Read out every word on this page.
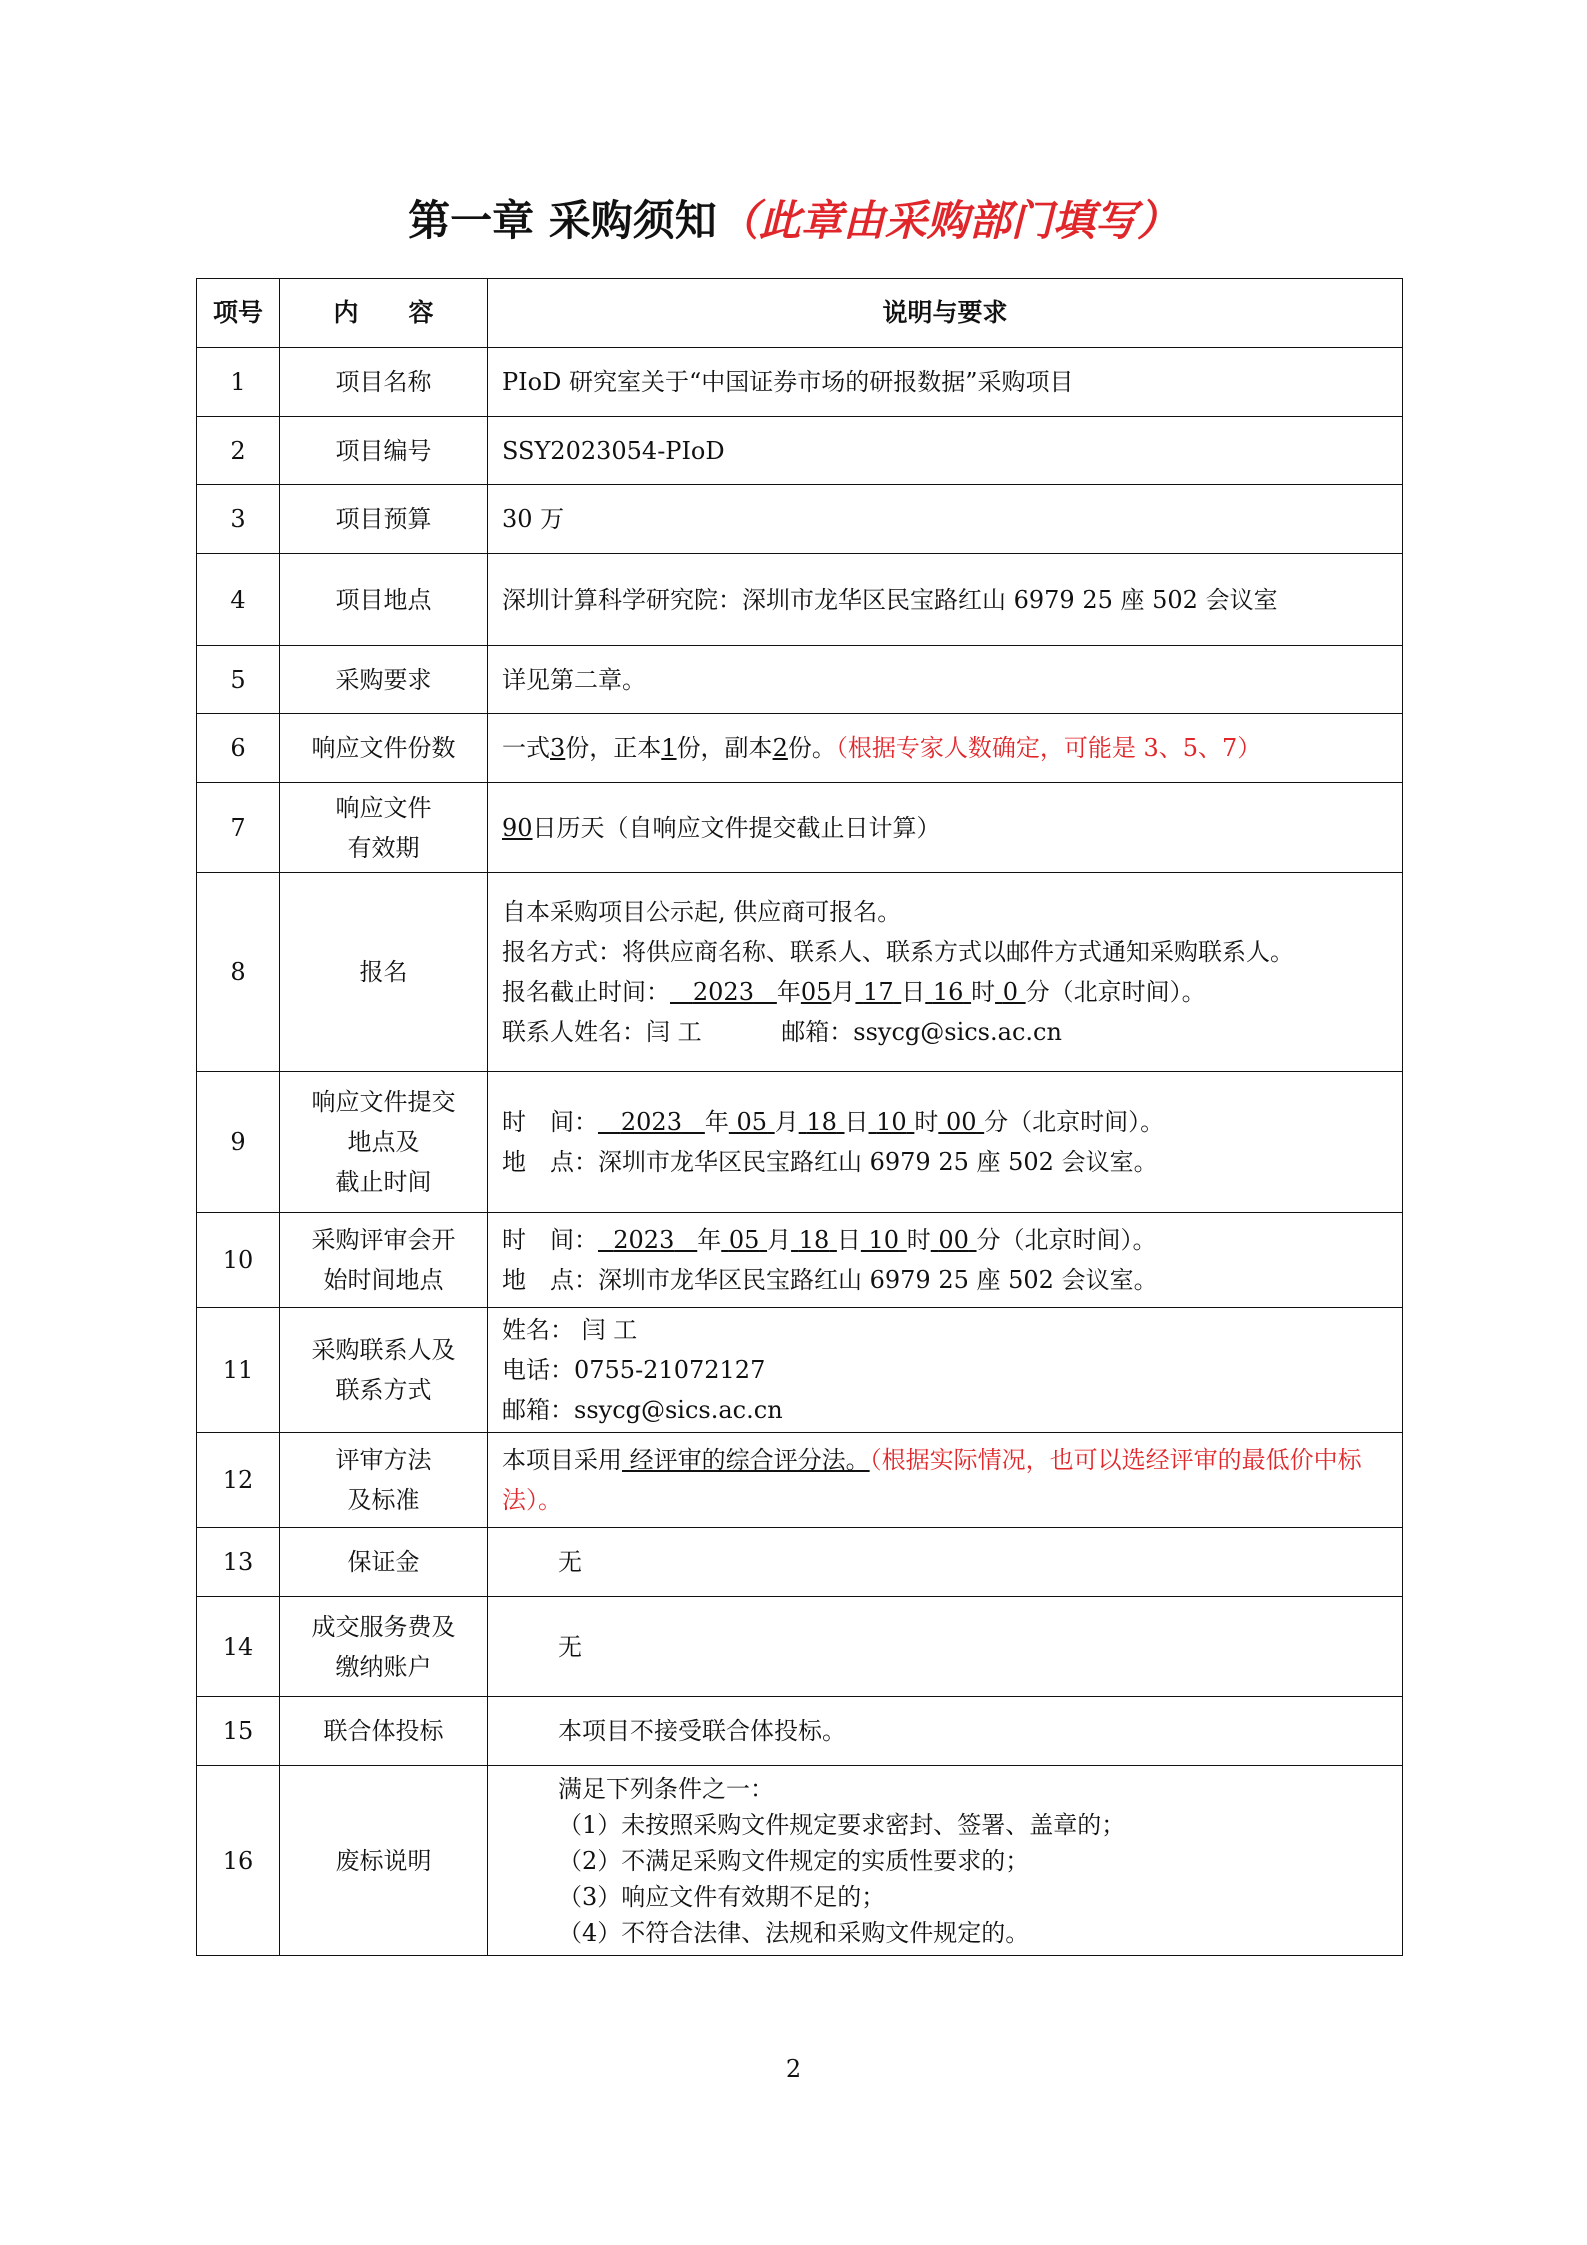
第一章 采购须知（此章由采购部门填写）
项号	内　　容	说明与要求
1	项目名称	PIoD 研究室关于“中国证券市场的研报数据”采购项目
2	项目编号	SSY2023054-PIoD
3	项目预算	30 万
4	项目地点	深圳计算科学研究院：深圳市龙华区民宝路红山 6979 25 座 502 会议室
5	采购要求	详见第二章。
6	响应文件份数	一式3份，正本1份，副本2份。（根据专家人数确定，可能是 3、5、7）
7	响应文件
有效期	90日历天（自响应文件提交截止日计算）
8	报名	自本采购项目公示起, 供应商可报名。
报名方式：将供应商名称、联系人、联系方式以邮件方式通知采购联系人。
报名截止时间： 2023 年05月 17 日 16 时 0 分（北京时间）。
联系人姓名：闫 工　　　 邮箱：ssycg@sics.ac.cn

9	响应文件提交
地点及
截止时间	时　间： 2023 年 05 月 18 日 10 时 00 分（北京时间）。
地　点：深圳市龙华区民宝路红山 6979 25 座 502 会议室。

10	采购评审会开
始时间地点	时　间： 2023 年 05 月 18 日 10 时 00 分（北京时间）。
地　点：深圳市龙华区民宝路红山 6979 25 座 502 会议室。

11	采购联系人及
联系方式	姓名： 闫 工
电话：0755-21072127
邮箱：ssycg@sics.ac.cn

12	评审方法
及标准	本项目采用 经评审的综合评分法。（根据实际情况，也可以选经评审的最低价中标法）。
13	保证金	无
14	成交服务费及
缴纳账户	无
15	联合体投标	本项目不接受联合体投标。
16	废标说明	满足下列条件之一：
（1）未按照采购文件规定要求密封、签署、盖章的；
（2）不满足采购文件规定的实质性要求的；
（3）响应文件有效期不足的；
（4）不符合法律、法规和采购文件规定的。
2
